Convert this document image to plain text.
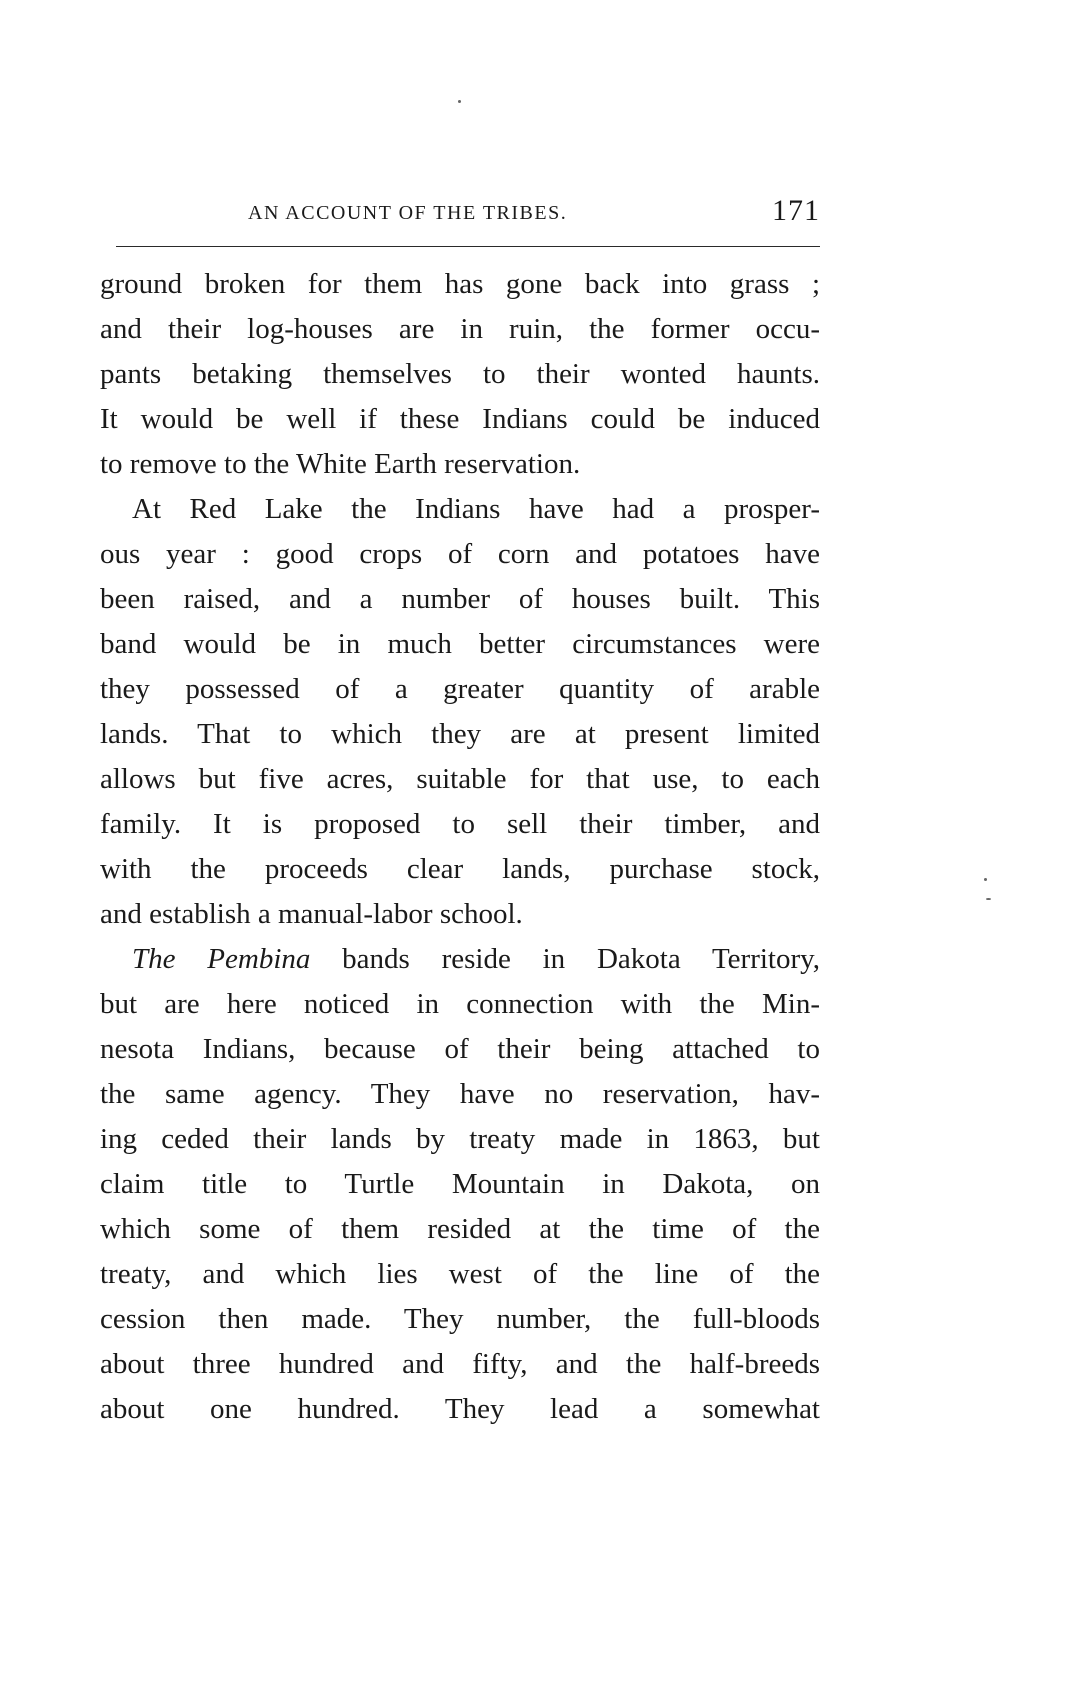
AN ACCOUNT OF THE TRIBES.	171
ground broken for them has gone back into grass ;
and their log-houses are in ruin, the former occu-
pants betaking themselves to their wonted haunts.
It would be well if these Indians could be induced
to remove to the White Earth reservation.
At Red Lake the Indians have had a prosper-
ous year : good crops of corn and potatoes have
been raised, and a number of houses built. This
band would be in much better circumstances were
they possessed of a greater quantity of arable
lands. That to which they are at present limited
allows but five acres, suitable for that use, to each
family. It is proposed to sell their timber, and
with the proceeds clear lands, purchase stock,
and establish a manual-labor school.
The Pembina bands reside in Dakota Territory,
but are here noticed in connection with the Min-
nesota Indians, because of their being attached to
the same agency. They have no reservation, hav-
ing ceded their lands by treaty made in 1863, but
claim title to Turtle Mountain in Dakota, on
which some of them resided at the time of the
treaty, and which lies west of the line of the
cession then made. They number, the full-bloods
about three hundred and fifty, and the half-breeds
about one hundred. They lead a somewhat
